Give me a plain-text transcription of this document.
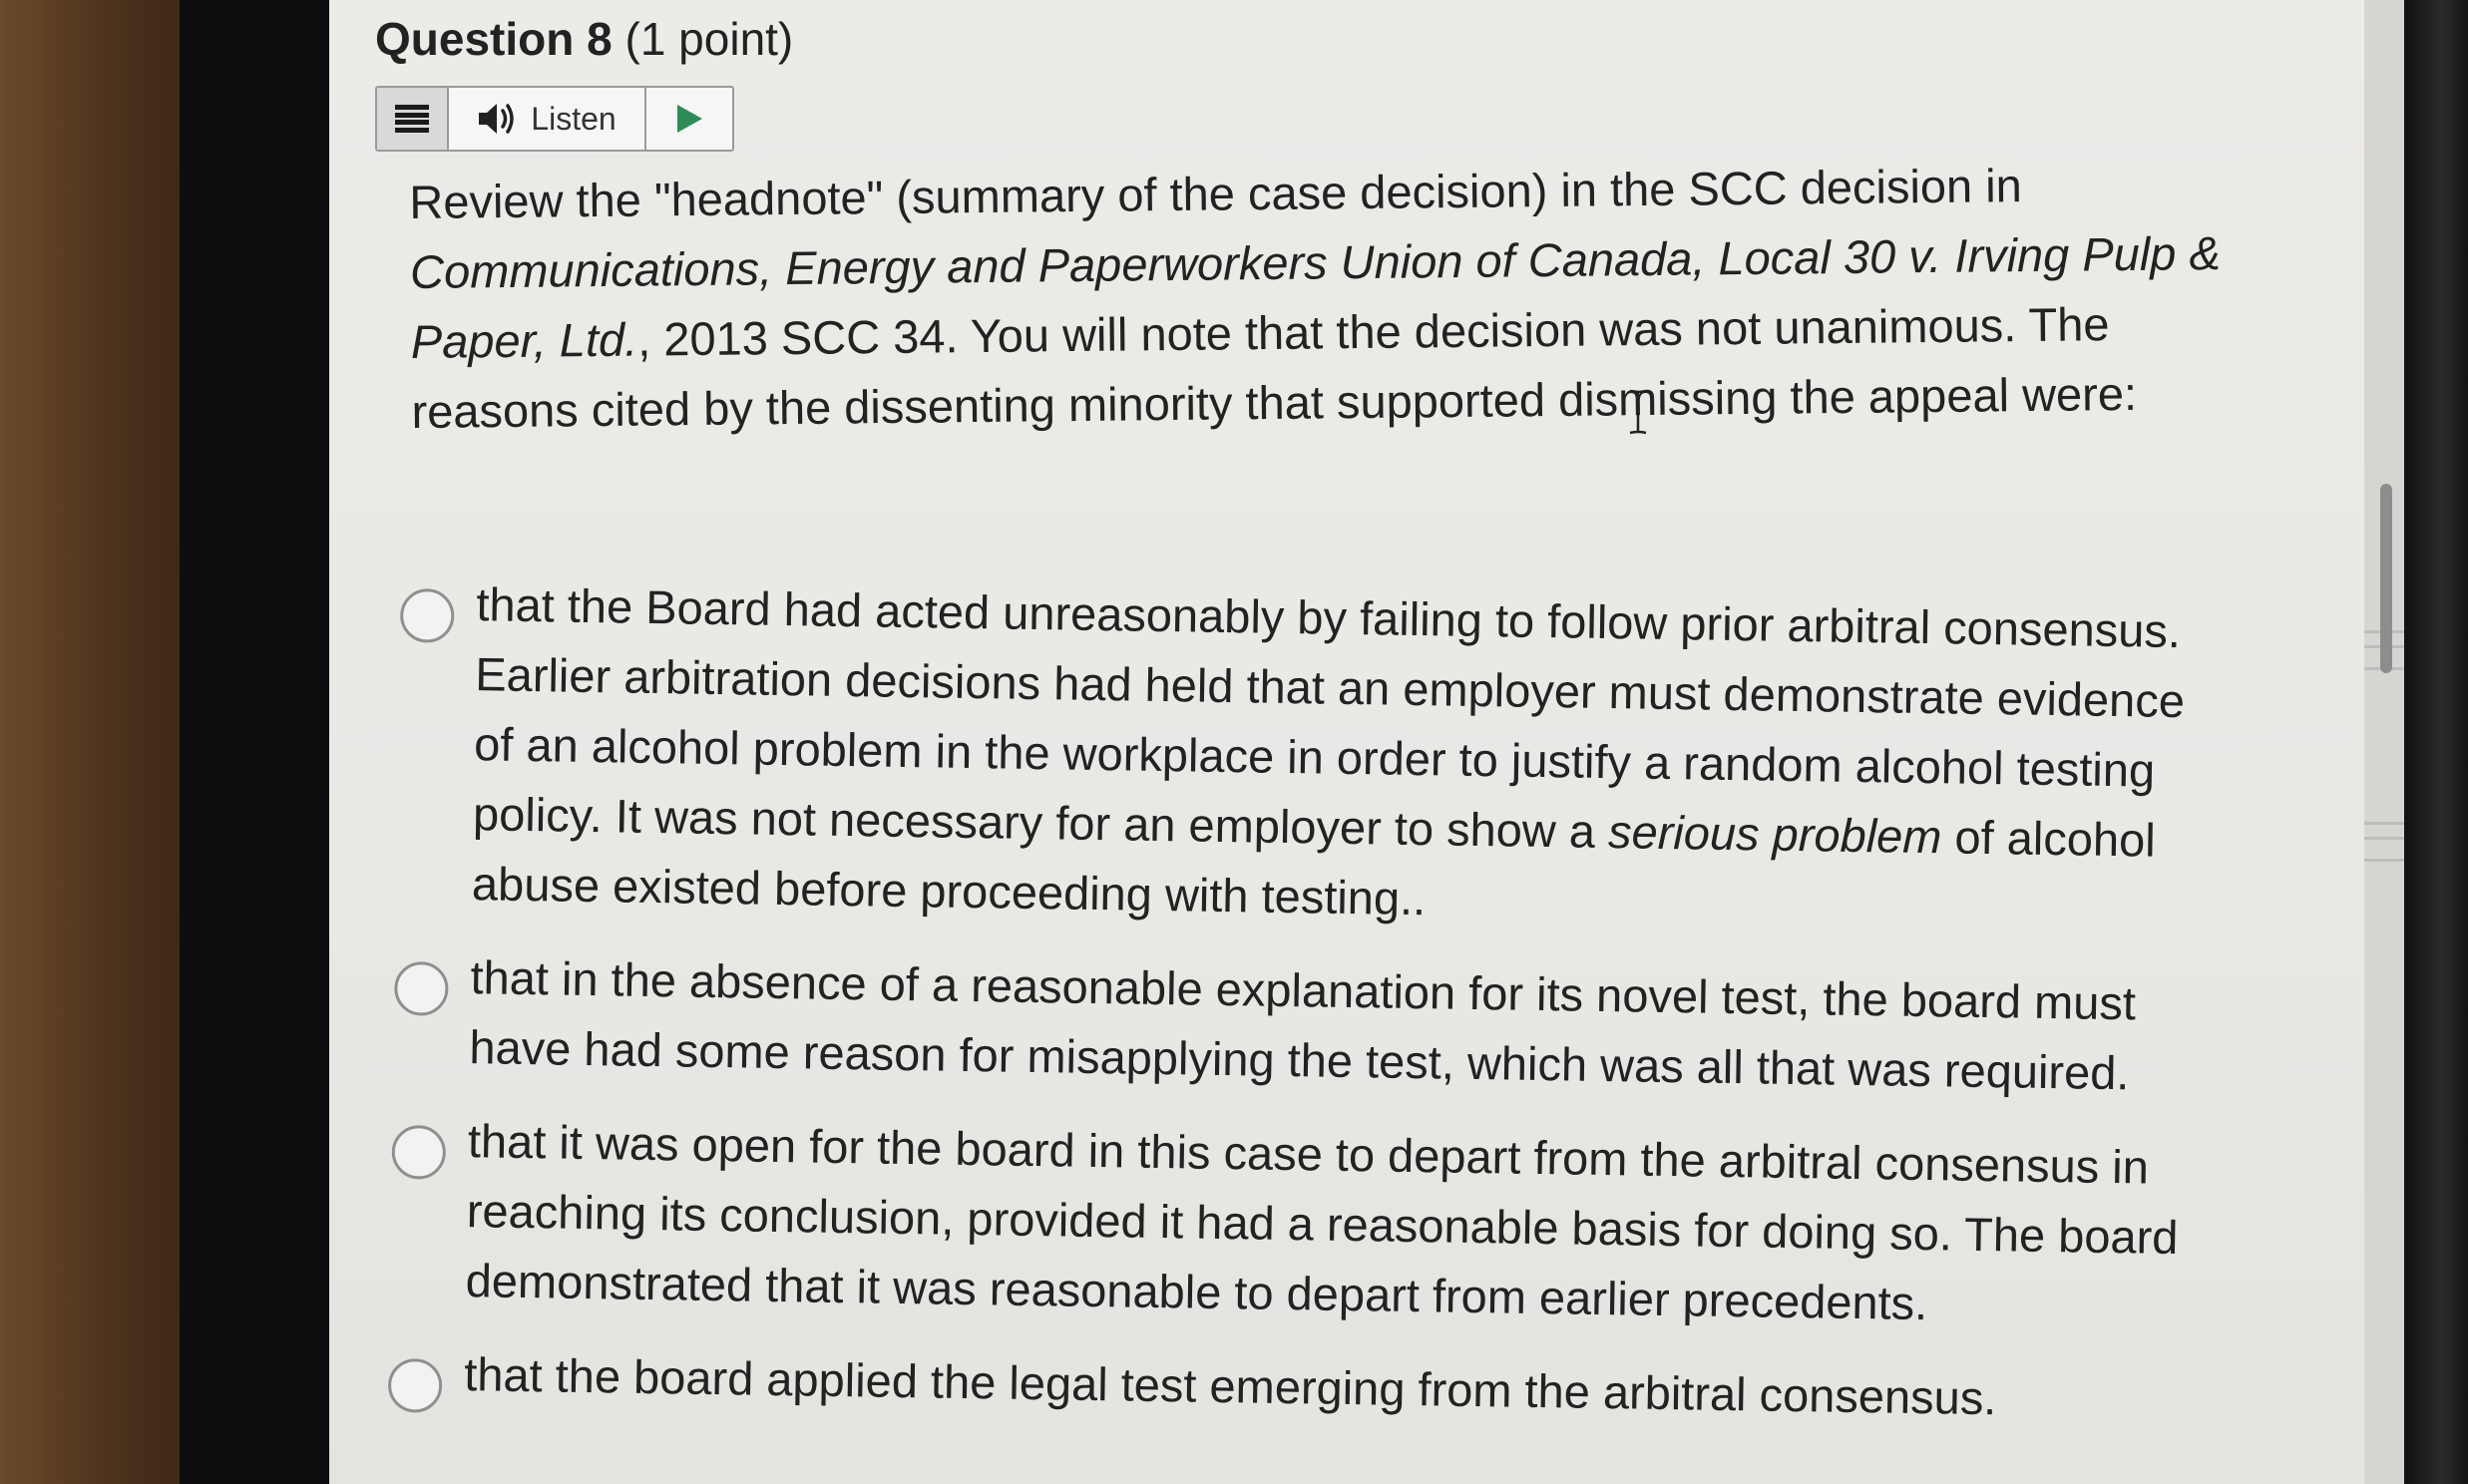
Question 8 (1 point)
Listen

Review the "headnote" (summary of the case decision) in the SCC decision in Communications, Energy and Paperworkers Union of Canada, Local 30 v. Irving Pulp & Paper, Ltd., 2013 SCC 34. You will note that the decision was not unanimous. The reasons cited by the dissenting minority that supported dismissing the appeal were:

that the Board had acted unreasonably by failing to follow prior arbitral consensus. Earlier arbitration decisions had held that an employer must demonstrate evidence of an alcohol problem in the workplace in order to justify a random alcohol testing policy. It was not necessary for an employer to show a serious problem of alcohol abuse existed before proceeding with testing..
that in the absence of a reasonable explanation for its novel test, the board must have had some reason for misapplying the test, which was all that was required.
that it was open for the board in this case to depart from the arbitral consensus in reaching its conclusion, provided it had a reasonable basis for doing so. The board demonstrated that it was reasonable to depart from earlier precedents.
that the board applied the legal test emerging from the arbitral consensus.
